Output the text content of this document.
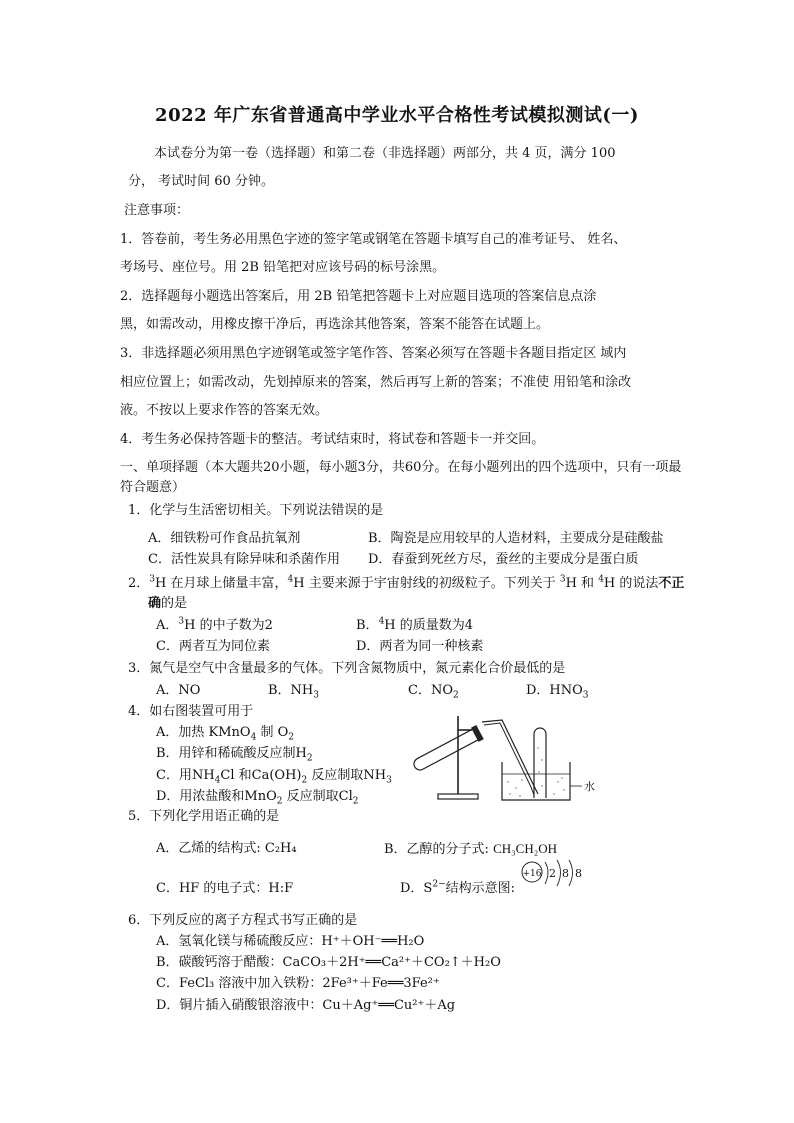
2022 年广东省普通高中学业水平合格性考试模拟测试(一)
本试卷分为第一卷（选择题）和第二卷（非选择题）两部分，共 4 页，满分 100
分， 考试时间 60 分钟。
注意事项：
1．答卷前，考生务必用黑色字迹的签字笔或钢笔在答题卡填写自己的准考证号、 姓名、
考场号、座位号。用 2B 铅笔把对应该号码的标号涂黑。
2．选择题每小题选出答案后，用 2B 铅笔把答题卡上对应题目选项的答案信息点涂
黑，如需改动，用橡皮擦干净后，再选涂其他答案，答案不能答在试题上。
3．非选择题必须用黑色字迹钢笔或签字笔作答、答案必须写在答题卡各题目指定区 域内
相应位置上；如需改动，先划掉原来的答案，然后再写上新的答案；不准使 用铅笔和涂改
液。不按以上要求作答的答案无效。
4．考生务必保持答题卡的整洁。考试结束时，将试卷和答题卡一并交回。
一、单项择题（本大题共20小题，每小题3分，共60分。在每小题列出的四个选项中，只有一项最
符合题意）
1．化学与生活密切相关。下列说法错误的是
A．细铁粉可作食品抗氧剂	B．陶瓷是应用较早的人造材料，主要成分是硅酸盐
C．活性炭具有除异味和杀菌作用 D．春蚕到死丝方尽，蚕丝的主要成分是蛋白质
2．$^3$H 在月球上储量丰富，$^4$H 主要来源于宇宙射线的初级粒子。下列关于 $^3$H 和 $^4$H 的说法不正
确的是
A．$^3$H 的中子数为2	B．$^4$H 的质量数为4
C．两者互为同位素	D．两者为同一种核素
3．氮气是空气中含量最多的气体。下列含氮物质中，氮元素化合价最低的是
A．NO	B．$NH_3$	C．$NO_2$	D．$HNO_3$
4．如右图装置可用于
A．加热 KMnO$_4$ 制 $O_2$
B．用锌和稀硫酸反应制$H_2$
C．用$NH_4Cl$ 和$Ca(OH)_2$ 反应制取$NH_3$
D．用浓盐酸和MnO$_2$ 反应制取$Cl_2$
水
5．下列化学用语正确的是
A．乙烯的结构式: C₂H₄	B．乙醇的分子式: CH₃CH₂OH
C．HF 的电子式：H:F	D．$S^{2-}$结构示意图:
+16 2 8 8
6．下列反应的离子方程式书写正确的是
A．氢氧化镁与稀硫酸反应：H⁺＋OH⁻══H₂O
B．碳酸钙溶于醋酸：CaCO₃＋2H⁺══Ca²⁺＋CO₂↑＋H₂O
C．FeCl₃ 溶液中加入铁粉：2Fe³⁺＋Fe══3Fe²⁺
D．铜片插入硝酸银溶液中：Cu＋Ag⁺══Cu²⁺＋Ag
